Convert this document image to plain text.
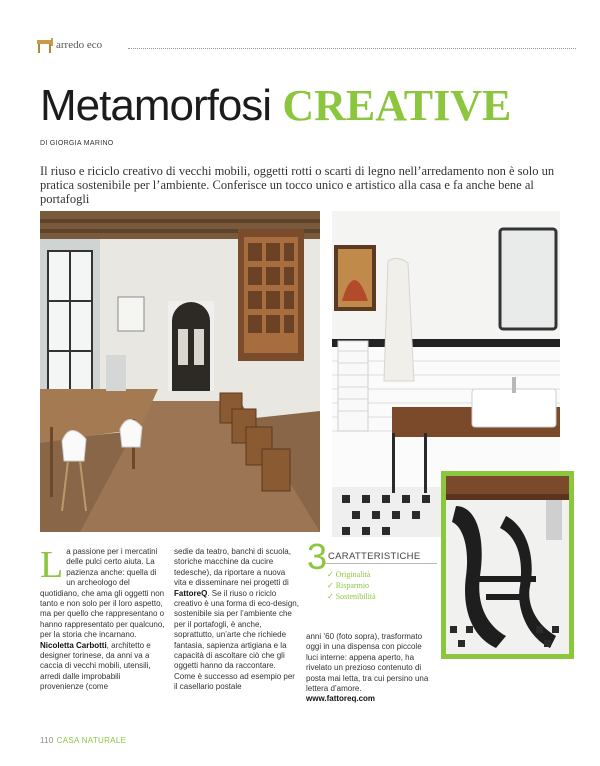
arredo eco
Metamorfosi CREATIVE
DI GIORGIA MARINO
Il riuso e riciclo creativo di vecchi mobili, oggetti rotti o scarti di legno nell’arredamento non è solo un pratica sostenibile per l’ambiente. Conferisce un tocco unico e artistico alla casa e fa anche bene al portafogli

La passione per i mercatini delle pulci certo aiuta. La pazienza anche: quella di un archeologo del quotidiano, che ama gli oggetti non tanto e non solo per il loro aspetto, ma per quello che rappresentano o hanno rappresentato per qualcuno, per la storia che incarnano. Nicoletta Carbotti, architetto e designer torinese, da anni va a caccia di vecchi mobili, utensili, arredi dalle improbabili provenienze (come

sedie da teatro, banchi di scuola, storiche macchine da cucire tedesche), da riportare a nuova vita e disseminare nei progetti di FattoreQ. Se il riuso o riciclo creativo è una forma di eco-design, sostenibile sia per l’ambiente che per il portafogli, è anche, soprattutto, un’arte che richiede fantasia, sapienza artigiana e la capacità di ascoltare ciò che gli oggetti hanno da raccontare. Come è successo ad esempio per il casellario postale

3 CARATTERISTICHE
✓ Originalità
✓ Risparmio
✓ Sostenibilità

anni ’60 (foto sopra), trasformato oggi in una dispensa con piccole luci interne: appena aperto, ha rivelato un prezioso contenuto di posta mai letta, tra cui persino una lettera d’amore.
www.fattoreq.com

110 CASA NATURALE
